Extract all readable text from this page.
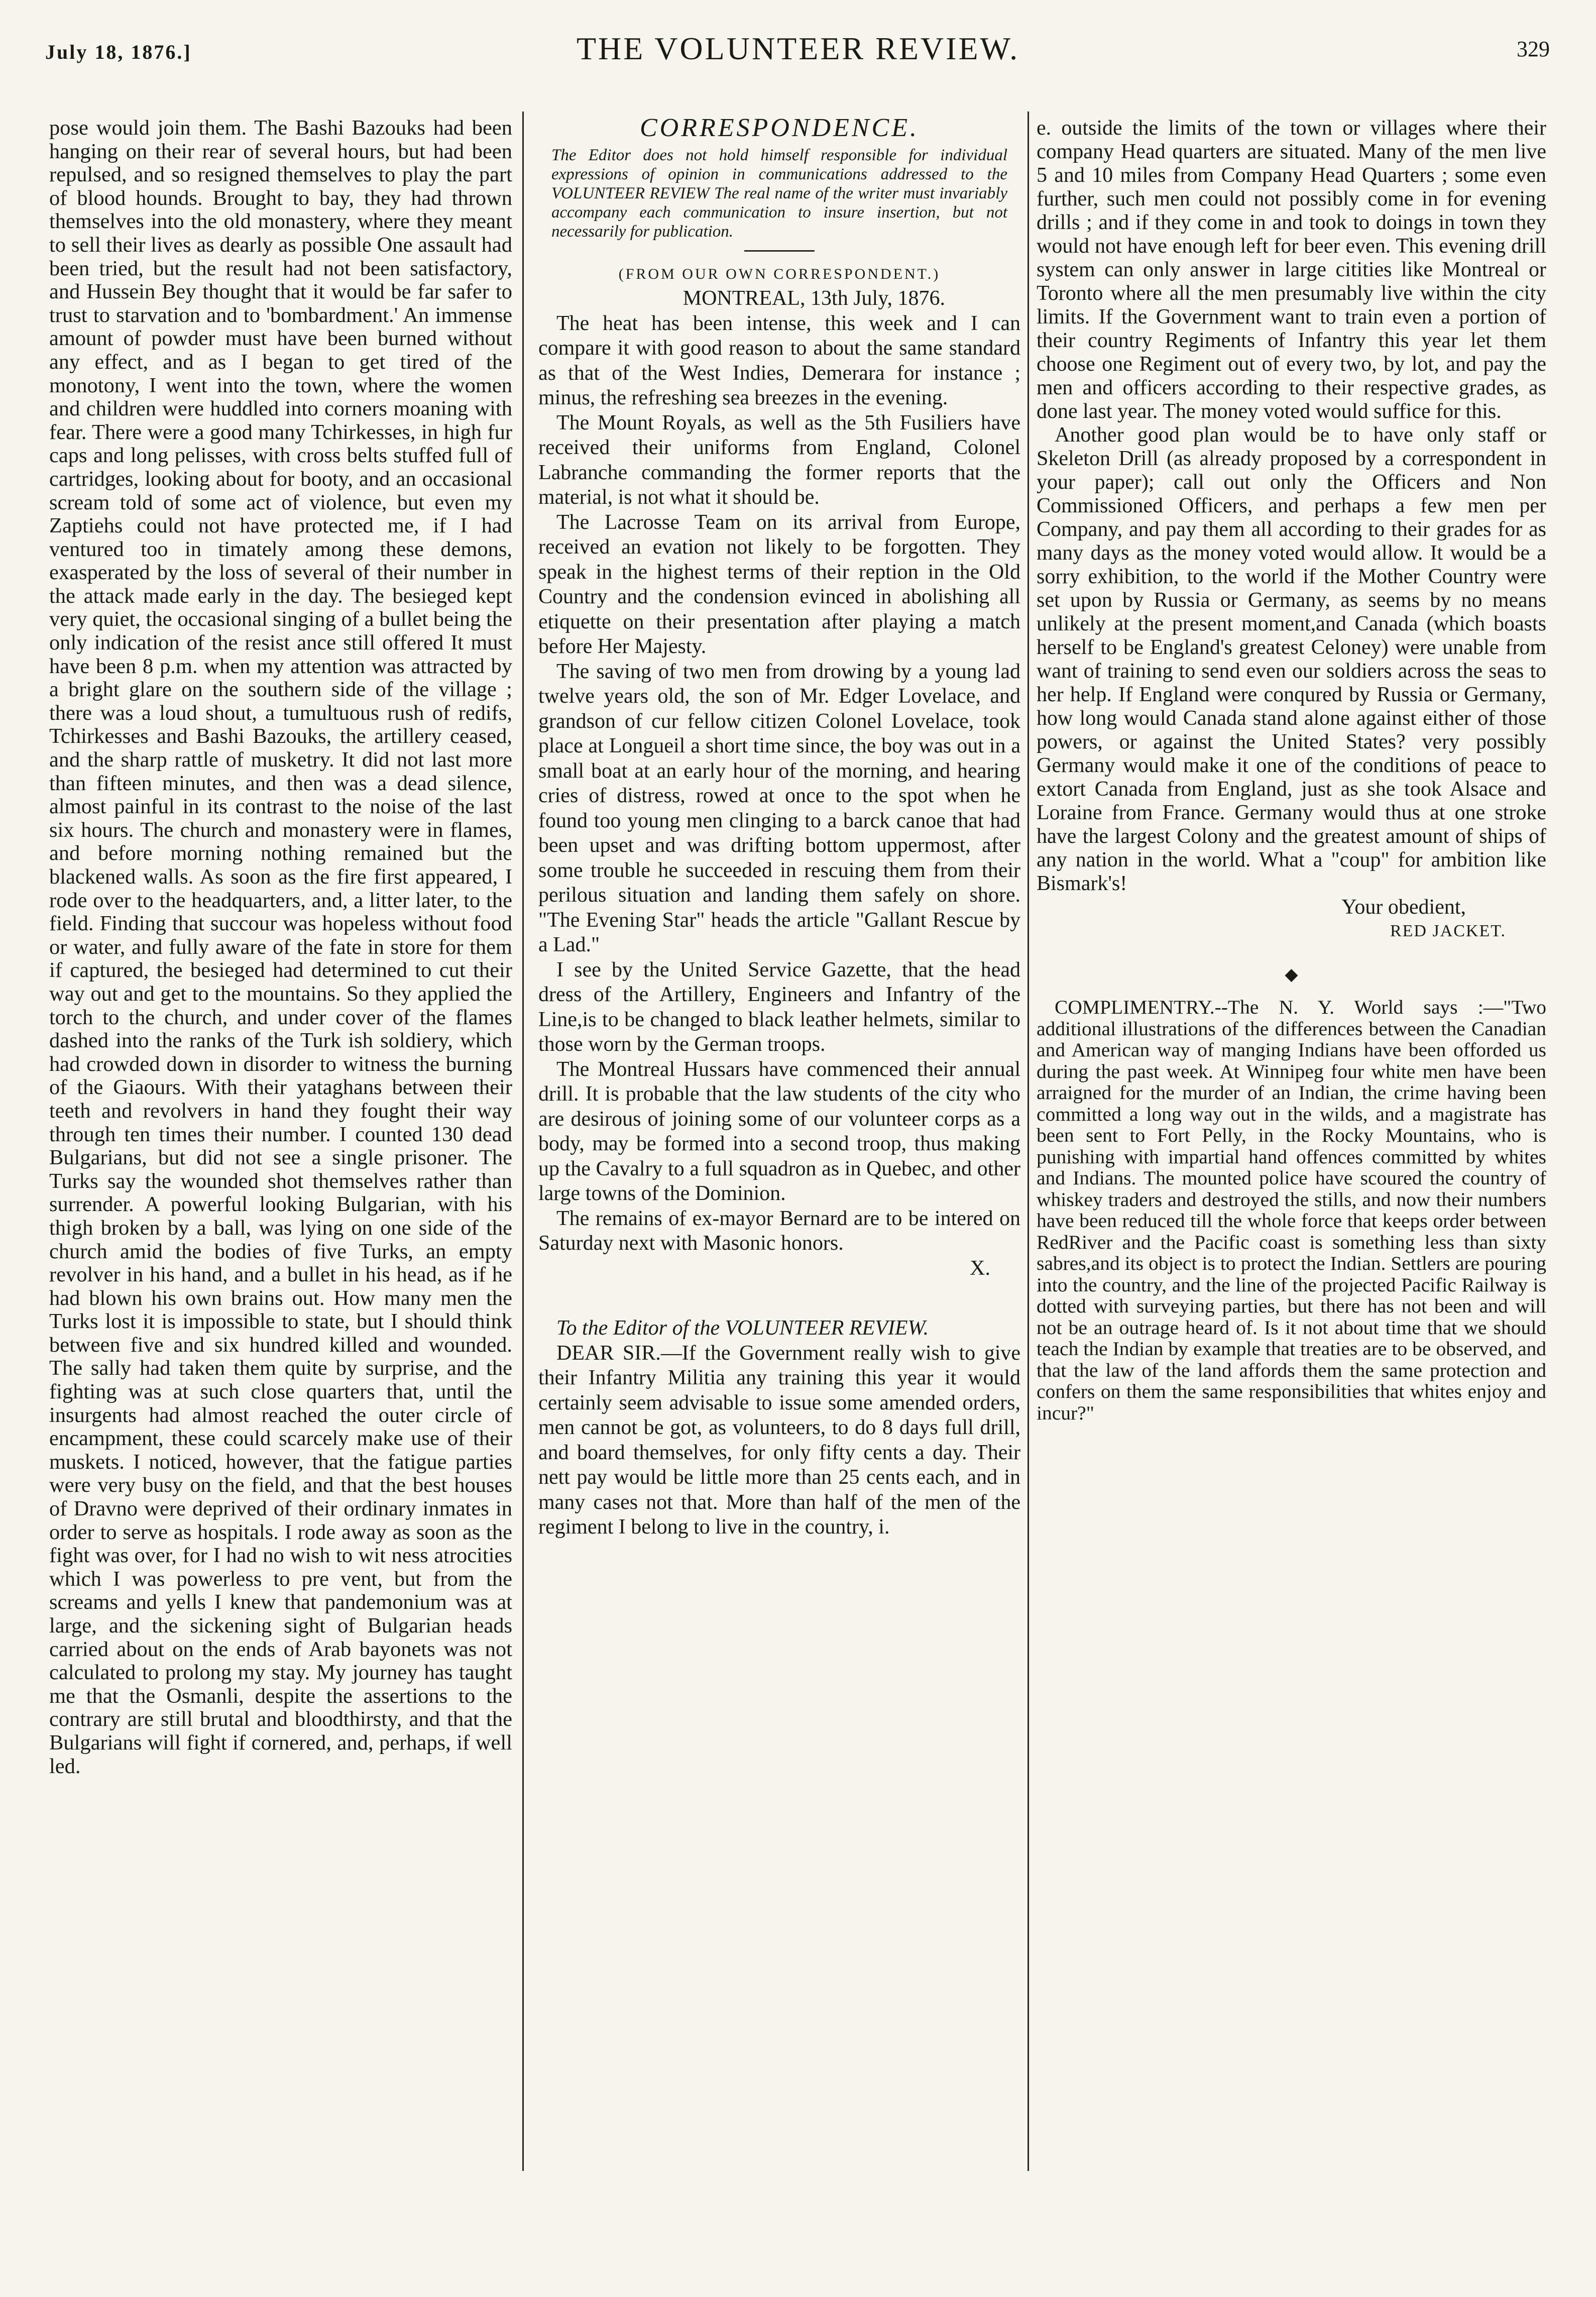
July 18, 1876.]	THE VOLUNTEER REVIEW.	329

pose would join them. The Bashi Bazouks had been hanging on their rear of several hours, but had been repulsed, and so resigned themselves to play the part of blood hounds. Brought to bay, they had thrown themselves into the old monastery, where they meant to sell their lives as dearly as possible One assault had been tried, but the result had not been satisfactory, and Hussein Bey thought that it would be far safer to trust to starvation and to 'bombardment.' An immense amount of powder must have been burned without any effect, and as I began to get tired of the monotony, I went into the town, where the women and children were huddled into corners moaning with fear. There were a good many Tchirkesses, in high fur caps and long pelisses, with cross belts stuffed full of cartridges, looking about for booty, and an occasional scream told of some act of violence, but even my Zaptiehs could not have protected me, if I had ventured too in timately among these demons, exasperated by the loss of several of their number in the attack made early in the day. The besieged kept very quiet, the occasional singing of a bullet being the only indication of the resist ance still offered It must have been 8 p.m. when my attention was attracted by a bright glare on the southern side of the village ; there was a loud shout, a tumultuous rush of redifs, Tchirkesses and Bashi Bazouks, the artillery ceased, and the sharp rattle of musketry. It did not last more than fifteen minutes, and then was a dead silence, almost painful in its contrast to the noise of the last six hours. The church and monastery were in flames, and before morning nothing remained but the blackened walls. As soon as the fire first appeared, I rode over to the headquarters, and, a litter later, to the field. Finding that succour was hopeless without food or water, and fully aware of the fate in store for them if captured, the besieged had determined to cut their way out and get to the mountains. So they applied the torch to the church, and under cover of the flames dashed into the ranks of the Turk ish soldiery, which had crowded down in disorder to witness the burning of the Giaours. With their yataghans between their teeth and revolvers in hand they fought their way through ten times their number. I counted 130 dead Bulgarians, but did not see a single prisoner. The Turks say the wounded shot themselves rather than surrender. A powerful looking Bulgarian, with his thigh broken by a ball, was lying on one side of the church amid the bodies of five Turks, an empty revolver in his hand, and a bullet in his head, as if he had blown his own brains out. How many men the Turks lost it is impossible to state, but I should think between five and six hundred killed and wounded. The sally had taken them quite by surprise, and the fighting was at such close quarters that, until the insurgents had almost reached the outer circle of encampment, these could scarcely make use of their muskets. I noticed, however, that the fatigue parties were very busy on the field, and that the best houses of Dravno were deprived of their ordinary inmates in order to serve as hospitals. I rode away as soon as the fight was over, for I had no wish to wit ness atrocities which I was powerless to pre vent, but from the screams and yells I knew that pandemonium was at large, and the sickening sight of Bulgarian heads carried about on the ends of Arab bayonets was not calculated to prolong my stay. My journey has taught me that the Osmanli, despite the assertions to the contrary are still brutal and bloodthirsty, and that the Bulgarians will fight if cornered, and, perhaps, if well led.

CORRESPONDENCE.

The Editor does not hold himself responsible for individual expressions of opinion in communications addressed to the VOLUNTEER REVIEW The real name of the writer must invariably accompany each communication to insure insertion, but not necessarily for publication.

(FROM OUR OWN CORRESPONDENT.)

MONTREAL, 13th July, 1876.

The heat has been intense, this week and I can compare it with good reason to about the same standard as that of the West Indies, Demerara for instance ; minus, the refreshing sea breezes in the evening.

The Mount Royals, as well as the 5th Fusiliers have received their uniforms from England, Colonel Labranche commanding the former reports that the material, is not what it should be.

The Lacrosse Team on its arrival from Europe, received an evation not likely to be forgotten. They speak in the highest terms of their reption in the Old Country and the condension evinced in abolishing all etiquette on their presentation after playing a match before Her Majesty.

The saving of two men from drowing by a young lad twelve years old, the son of Mr. Edger Lovelace, and grandson of cur fellow citizen Colonel Lovelace, took place at Longueil a short time since, the boy was out in a small boat at an early hour of the morning, and hearing cries of distress, rowed at once to the spot when he found too young men clinging to a barck canoe that had been upset and was drifting bottom uppermost, after some trouble he succeeded in rescuing them from their perilous situation and landing them safely on shore. "The Evening Star" heads the article "Gallant Rescue by a Lad."

I see by the United Service Gazette, that the head dress of the Artillery, Engineers and Infantry of the Line,is to be changed to black leather helmets, similar to those worn by the German troops.

The Montreal Hussars have commenced their annual drill. It is probable that the law students of the city who are desirous of joining some of our volunteer corps as a body, may be formed into a second troop, thus making up the Cavalry to a full squadron as in Quebec, and other large towns of the Dominion.

The remains of ex-mayor Bernard are to be intered on Saturday next with Masonic honors.

X.

To the Editor of the VOLUNTEER REVIEW.

DEAR SIR.—If the Government really wish to give their Infantry Militia any training this year it would certainly seem advisable to issue some amended orders, men cannot be got, as volunteers, to do 8 days full drill, and board themselves, for only fifty cents a day. Their nett pay would be little more than 25 cents each, and in many cases not that. More than half of the men of the regiment I belong to live in the country, i.

e. outside the limits of the town or villages where their company Head quarters are situated. Many of the men live 5 and 10 miles from Company Head Quarters ; some even further, such men could not possibly come in for evening drills ; and if they come in and took to doings in town they would not have enough left for beer even. This evening drill system can only answer in large citities like Montreal or Toronto where all the men presumably live within the city limits. If the Government want to train even a portion of their country Regiments of Infantry this year let them choose one Regiment out of every two, by lot, and pay the men and officers according to their respective grades, as done last year. The money voted would suffice for this.

Another good plan would be to have only staff or Skeleton Drill (as already proposed by a correspondent in your paper); call out only the Officers and Non Commissioned Officers, and perhaps a few men per Company, and pay them all according to their grades for as many days as the money voted would allow. It would be a sorry exhibition, to the world if the Mother Country were set upon by Russia or Germany, as seems by no means unlikely at the present moment,and Canada (which boasts herself to be England's greatest Celoney) were unable from want of training to send even our soldiers across the seas to her help. If England were conqured by Russia or Germany, how long would Canada stand alone against either of those powers, or against the United States? very possibly Germany would make it one of the conditions of peace to extort Canada from England, just as she took Alsace and Loraine from France. Germany would thus at one stroke have the largest Colony and the greatest amount of ships of any nation in the world. What a "coup" for ambition like Bismark's!

Your obedient,

RED JACKET.

◆

COMPLIMENTRY.--The N. Y. World says :—"Two additional illustrations of the differences between the Canadian and American way of manging Indians have been offorded us during the past week. At Winnipeg four white men have been arraigned for the murder of an Indian, the crime having been committed a long way out in the wilds, and a magistrate has been sent to Fort Pelly, in the Rocky Mountains, who is punishing with impartial hand offences committed by whites and Indians. The mounted police have scoured the country of whiskey traders and destroyed the stills, and now their numbers have been reduced till the whole force that keeps order between RedRiver and the Pacific coast is something less than sixty sabres,and its object is to protect the Indian. Settlers are pouring into the country, and the line of the projected Pacific Railway is dotted with surveying parties, but there has not been and will not be an outrage heard of. Is it not about time that we should teach the Indian by example that treaties are to be observed, and that the law of the land affords them the same protection and confers on them the same responsibilities that whites enjoy and incur?"
